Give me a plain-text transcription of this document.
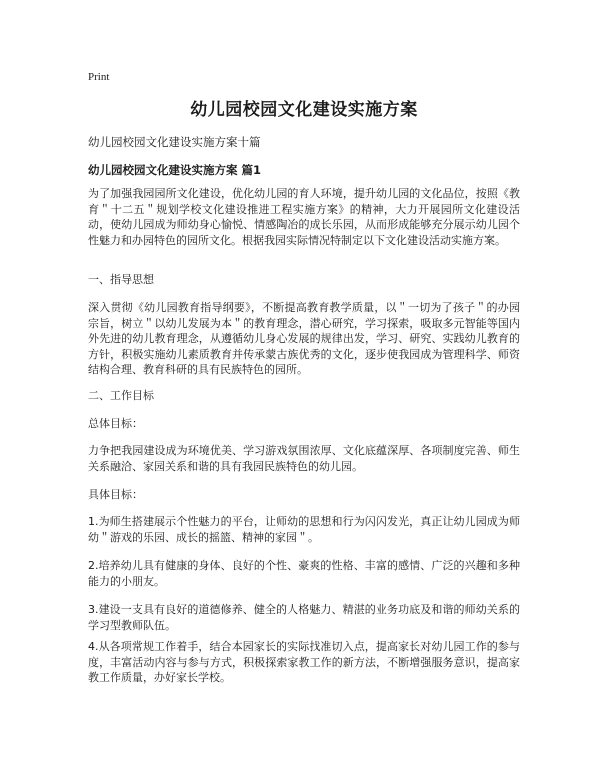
Print
幼儿园校园文化建设实施方案

幼儿园校园文化建设实施方案十篇

幼儿园校园文化建设实施方案 篇1

为了加强我园园所文化建设，优化幼儿园的育人环境，提升幼儿园的文化品位，按照《教育＂十二五＂规划学校文化建设推进工程实施方案》的精神，大力开展园所文化建设活动，使幼儿园成为师幼身心愉悦、情感陶冶的成长乐园，从而形成能够充分展示幼儿园个性魅力和办园特色的园所文化。根据我园实际情况特制定以下文化建设活动实施方案。

一、指导思想

深入贯彻《幼儿园教育指导纲要》，不断提高教育教学质量，以＂一切为了孩子＂的办园宗旨，树立＂以幼儿发展为本＂的教育理念，潜心研究，学习探索，吸取多元智能等国内外先进的幼儿教育理念，从遵循幼儿身心发展的规律出发，学习、研究、实践幼儿教育的方针，积极实施幼儿素质教育并传承蒙古族优秀的文化，逐步使我园成为管理科学、师资结构合理、教育科研的具有民族特色的园所。

二、工作目标

总体目标：

力争把我园建设成为环境优美、学习游戏氛围浓厚、文化底蕴深厚、各项制度完善、师生关系融洽、家园关系和谐的具有我园民族特色的幼儿园。

具体目标：

1.为师生搭建展示个性魅力的平台，让师幼的思想和行为闪闪发光，真正让幼儿园成为师幼＂游戏的乐园、成长的摇篮、精神的家园＂。

2.培养幼儿具有健康的身体、良好的个性、豪爽的性格、丰富的感情、广泛的兴趣和多种能力的小朋友。

3.建设一支具有良好的道德修养、健全的人格魅力、精湛的业务功底及和谐的师幼关系的学习型教师队伍。

4.从各项常规工作着手，结合本园家长的实际找准切入点，提高家长对幼儿园工作的参与度，丰富活动内容与参与方式，积极探索家教工作的新方法，不断增强服务意识，提高家教工作质量，办好家长学校。
